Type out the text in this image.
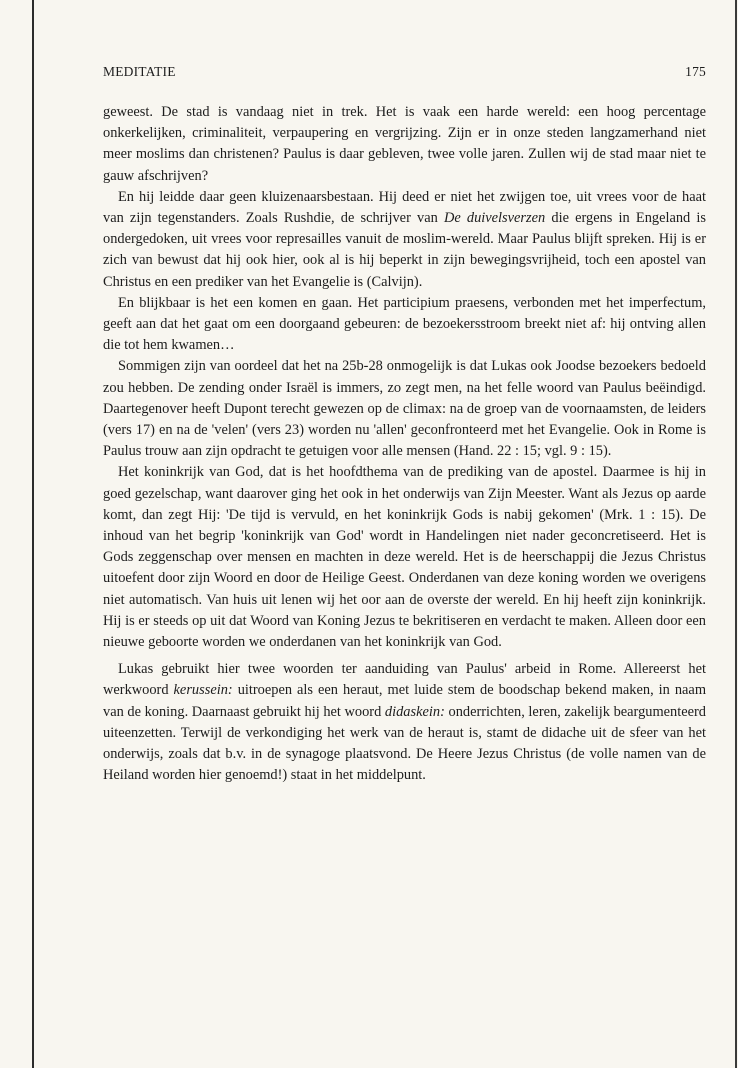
MEDITATIE	175

geweest. De stad is vandaag niet in trek. Het is vaak een harde wereld: een hoog percentage onkerkelijken, criminaliteit, verpaupering en vergrijzing. Zijn er in onze steden langzamerhand niet meer moslims dan christenen? Paulus is daar gebleven, twee volle jaren. Zullen wij de stad maar niet te gauw afschrijven?

En hij leidde daar geen kluizenaarsbestaan. Hij deed er niet het zwijgen toe, uit vrees voor de haat van zijn tegenstanders. Zoals Rushdie, de schrijver van De duivelsverzen die ergens in Engeland is ondergedoken, uit vrees voor represailles vanuit de moslim-wereld. Maar Paulus blijft spreken. Hij is er zich van bewust dat hij ook hier, ook al is hij beperkt in zijn bewegingsvrijheid, toch een apostel van Christus en een prediker van het Evangelie is (Calvijn).

En blijkbaar is het een komen en gaan. Het participium praesens, verbonden met het imperfectum, geeft aan dat het gaat om een doorgaand gebeuren: de bezoekersstroom breekt niet af: hij ontving allen die tot hem kwamen…

Sommigen zijn van oordeel dat het na 25b-28 onmogelijk is dat Lukas ook Joodse bezoekers bedoeld zou hebben. De zending onder Israël is immers, zo zegt men, na het felle woord van Paulus beëindigd. Daartegenover heeft Dupont terecht gewezen op de climax: na de groep van de voornaamsten, de leiders (vers 17) en na de 'velen' (vers 23) worden nu 'allen' geconfronteerd met het Evangelie. Ook in Rome is Paulus trouw aan zijn opdracht te getuigen voor alle mensen (Hand. 22 : 15; vgl. 9 : 15).

Het koninkrijk van God, dat is het hoofdthema van de prediking van de apostel. Daarmee is hij in goed gezelschap, want daarover ging het ook in het onderwijs van Zijn Meester. Want als Jezus op aarde komt, dan zegt Hij: 'De tijd is vervuld, en het koninkrijk Gods is nabij gekomen' (Mrk. 1 : 15). De inhoud van het begrip 'koninkrijk van God' wordt in Handelingen niet nader geconcretiseerd. Het is Gods zeggenschap over mensen en machten in deze wereld. Het is de heerschappij die Jezus Christus uitoefent door zijn Woord en door de Heilige Geest. Onderdanen van deze koning worden we overigens niet automatisch. Van huis uit lenen wij het oor aan de overste der wereld. En hij heeft zijn koninkrijk. Hij is er steeds op uit dat Woord van Koning Jezus te bekritiseren en verdacht te maken. Alleen door een nieuwe geboorte worden we onderdanen van het koninkrijk van God.

Lukas gebruikt hier twee woorden ter aanduiding van Paulus' arbeid in Rome. Allereerst het werkwoord kerussein: uitroepen als een heraut, met luide stem de boodschap bekend maken, in naam van de koning. Daarnaast gebruikt hij het woord didaskein: onderrichten, leren, zakelijk beargumenteerd uiteenzetten. Terwijl de verkondiging het werk van de heraut is, stamt de didache uit de sfeer van het onderwijs, zoals dat b.v. in de synagoge plaatsvond. De Heere Jezus Christus (de volle namen van de Heiland worden hier genoemd!) staat in het middelpunt.
